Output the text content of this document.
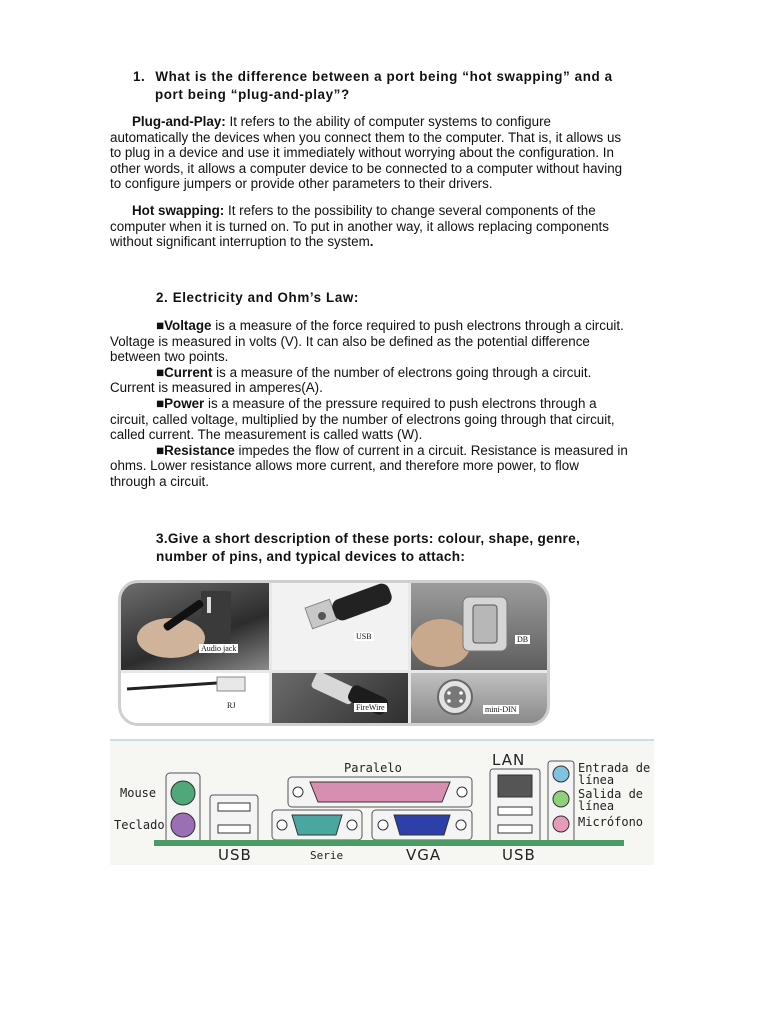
1. What is the difference between a port being “hot swapping” and a
port being “plug-and-play”?
Plug-and-Play: It refers to the ability of computer systems to configure
automatically the devices when you connect them to the computer. That is, it allows us
to plug in a device and use it immediately without worrying about the configuration. In
other words, it allows a computer device to be connected to a computer without having
to configure jumpers or provide other parameters to their drivers.
Hot swapping: It refers to the possibility to change several components of the
computer when it is turned on. To put in another way, it allows replacing components
without significant interruption to the system.
2. Electricity and Ohm’s Law:
■Voltage is a measure of the force required to push electrons through a circuit.
Voltage is measured in volts (V). It can also be defined as the potential difference
between two points.
■Current is a measure of the number of electrons going through a circuit.
Current is measured in amperes(A).
■Power is a measure of the pressure required to push electrons through a
circuit, called voltage, multiplied by the number of electrons going through that circuit,
called current. The measurement is called watts (W).
■Resistance impedes the flow of current in a circuit. Resistance is measured in
ohms. Lower resistance allows more current, and therefore more power, to flow
through a circuit.
3.Give a short description of these ports: colour, shape, genre,
number of pins, and typical devices to attach:
Audio jack
USB	DB
RJ	FireWire	mini-DIN
Mouse
Teclado
USB
Paralelo
Serie	VGA
LAN
USB
Entrada de
línea
Salida de
línea
Micrófono
